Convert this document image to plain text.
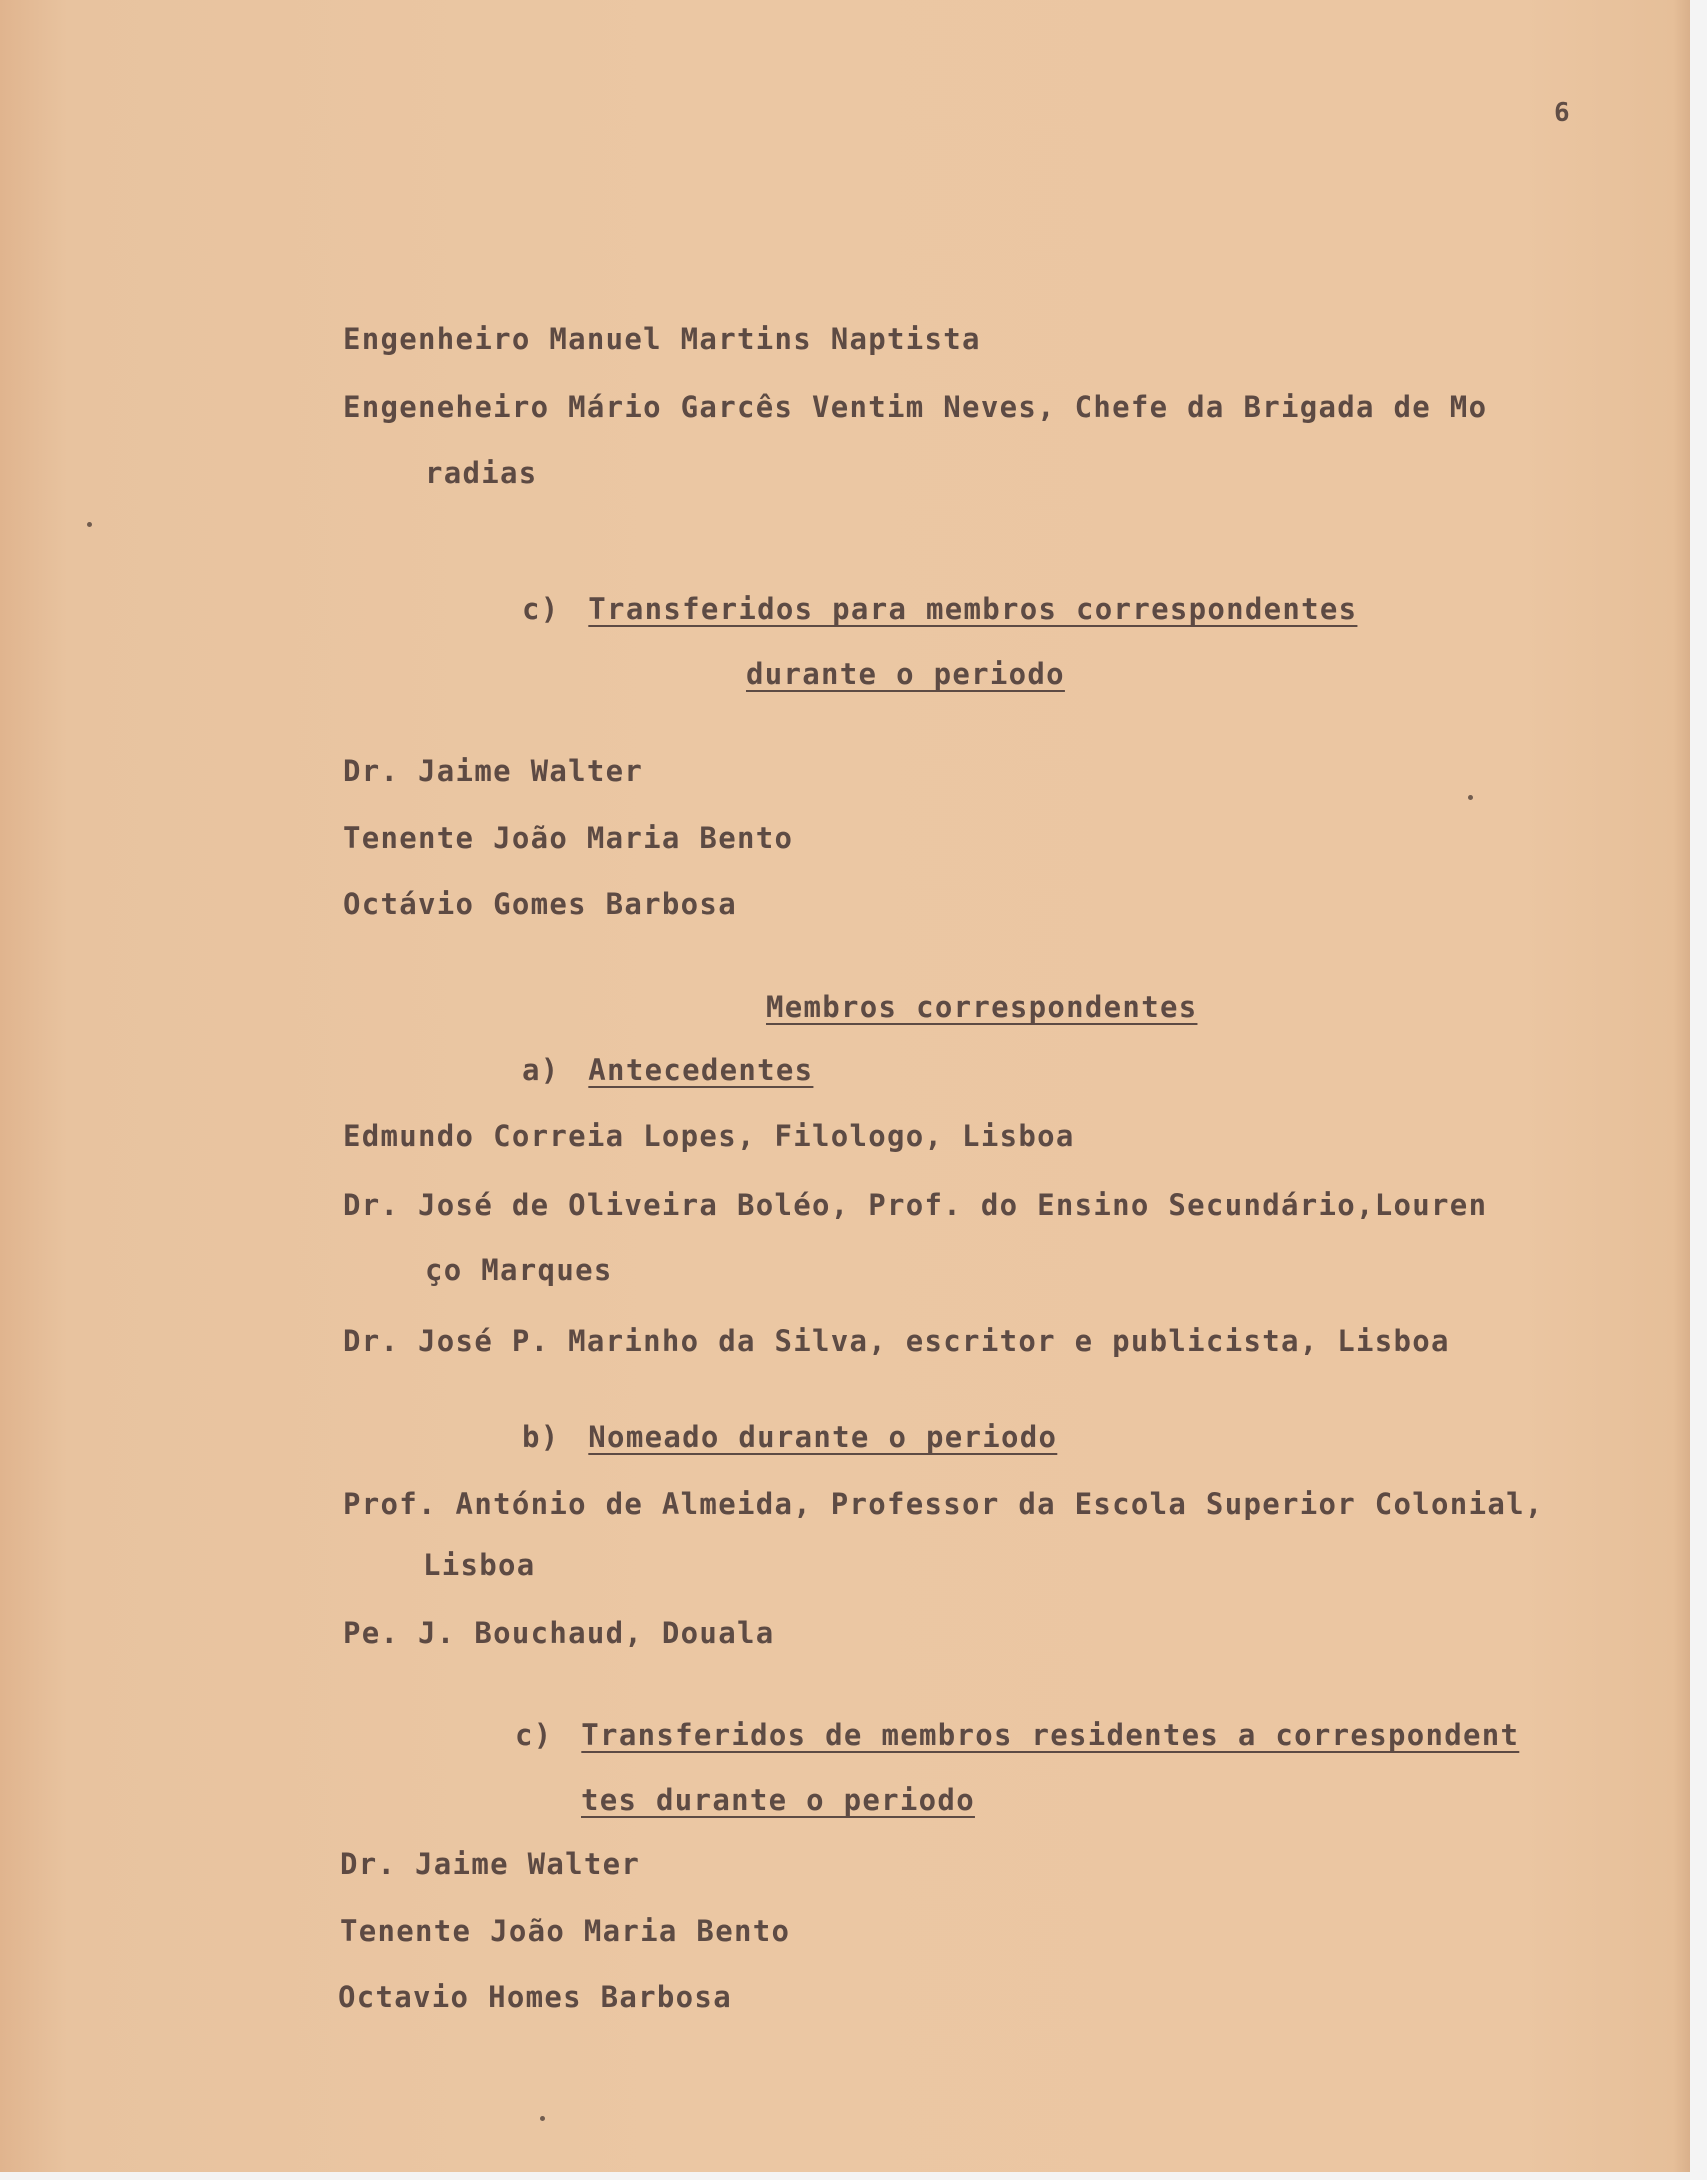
6

Engenheiro Manuel Martins Naptista

Engeneheiro Mário Garcês Ventim Neves, Chefe da Brigada de Mo

radias

c) Transferidos para membros correspondentes

durante o periodo

Dr. Jaime Walter

Tenente João Maria Bento

Octávio Gomes Barbosa

Membros correspondentes

a) Antecedentes

Edmundo Correia Lopes, Filologo, Lisboa

Dr. José de Oliveira Boléo, Prof. do Ensino Secundário,Louren

ço Marques

Dr. José P. Marinho da Silva, escritor e publicista, Lisboa

b) Nomeado durante o periodo

Prof. António de Almeida, Professor da Escola Superior Colonial,

Lisboa

Pe. J. Bouchaud, Douala

c) Transferidos de membros residentes a correspondent

tes durante o periodo

Dr. Jaime Walter

Tenente João Maria Bento

Octavio Homes Barbosa
